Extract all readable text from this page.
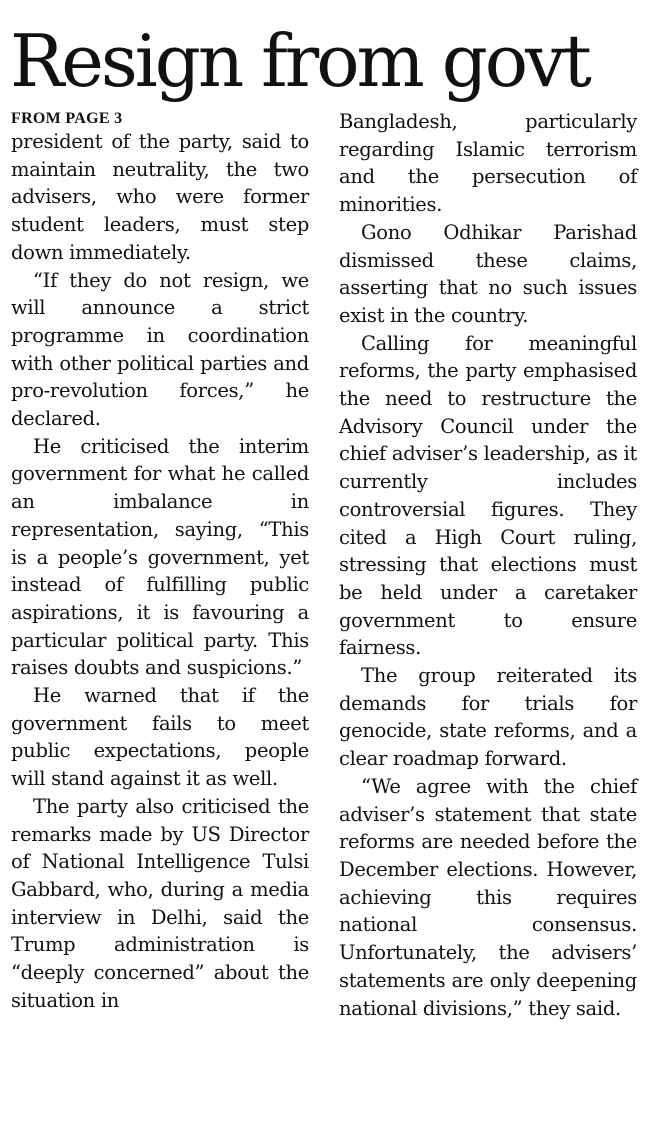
Resign from govt
FROM PAGE 3

president of the party, said to maintain neutrality, the two advisers, who were former student leaders, must step down immediately.

“If they do not resign, we will announce a strict programme in coordination with other political parties and pro-revolution forces,” he declared.

He criticised the interim government for what he called an imbalance in representation, saying, “This is a people’s government, yet instead of fulfilling public aspirations, it is favouring a particular political party. This raises doubts and suspicions.”

He warned that if the government fails to meet public expectations, people will stand against it as well.

The party also criticised the remarks made by US Director of National Intelligence Tulsi Gabbard, who, during a media interview in Delhi, said the Trump administration is “deeply concerned” about the situation in

Bangladesh, particularly regarding Islamic terrorism and the persecution of minorities.

Gono Odhikar Parishad dismissed these claims, asserting that no such issues exist in the country.

Calling for meaningful reforms, the party emphasised the need to restructure the Advisory Council under the chief adviser’s leadership, as it currently includes controversial figures. They cited a High Court ruling, stressing that elections must be held under a caretaker government to ensure fairness.

The group reiterated its demands for trials for genocide, state reforms, and a clear roadmap forward.

“We agree with the chief adviser’s statement that state reforms are needed before the December elections. However, achieving this requires national consensus. Unfortunately, the advisers’ statements are only deepening national divisions,” they said.
